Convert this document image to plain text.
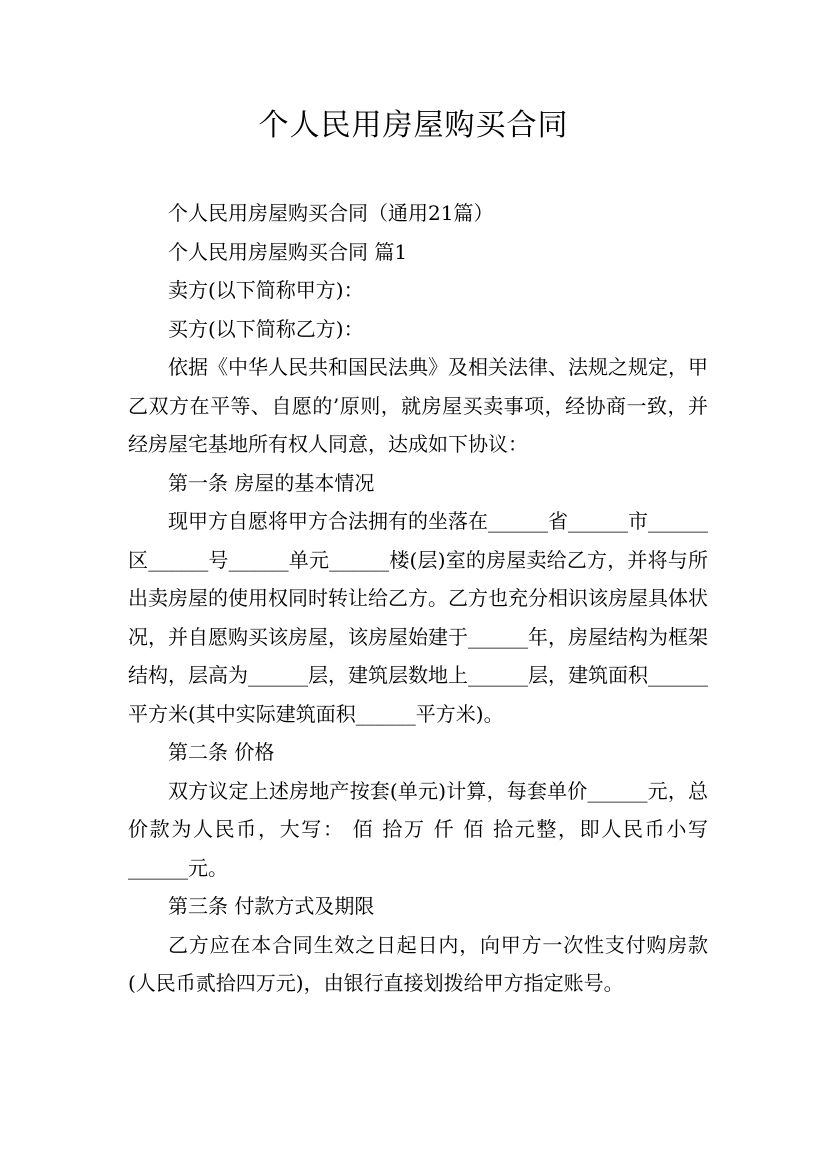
个人民用房屋购买合同

个人民用房屋购买合同（通用21篇）

个人民用房屋购买合同 篇1

卖方(以下简称甲方)：

买方(以下简称乙方)：

依据《中华人民共和国民法典》及相关法律、法规之规定，甲乙双方在平等、自愿的’原则，就房屋买卖事项，经协商一致，并经房屋宅基地所有权人同意，达成如下协议：

第一条 房屋的基本情况

现甲方自愿将甲方合法拥有的坐落在______省______市______区______号______单元______楼(层)室的房屋卖给乙方，并将与所出卖房屋的使用权同时转让给乙方。乙方也充分相识该房屋具体状况，并自愿购买该房屋，该房屋始建于______年，房屋结构为框架结构，层高为______层，建筑层数地上______层，建筑面积______平方米(其中实际建筑面积______平方米)。

第二条 价格

双方议定上述房地产按套(单元)计算，每套单价______元，总价款为人民币，大写： 佰 拾万 仟 佰 拾元整，即人民币小写______元。

第三条 付款方式及期限

乙方应在本合同生效之日起日内，向甲方一次性支付购房款(人民币贰拾四万元)，由银行直接划拨给甲方指定账号。
